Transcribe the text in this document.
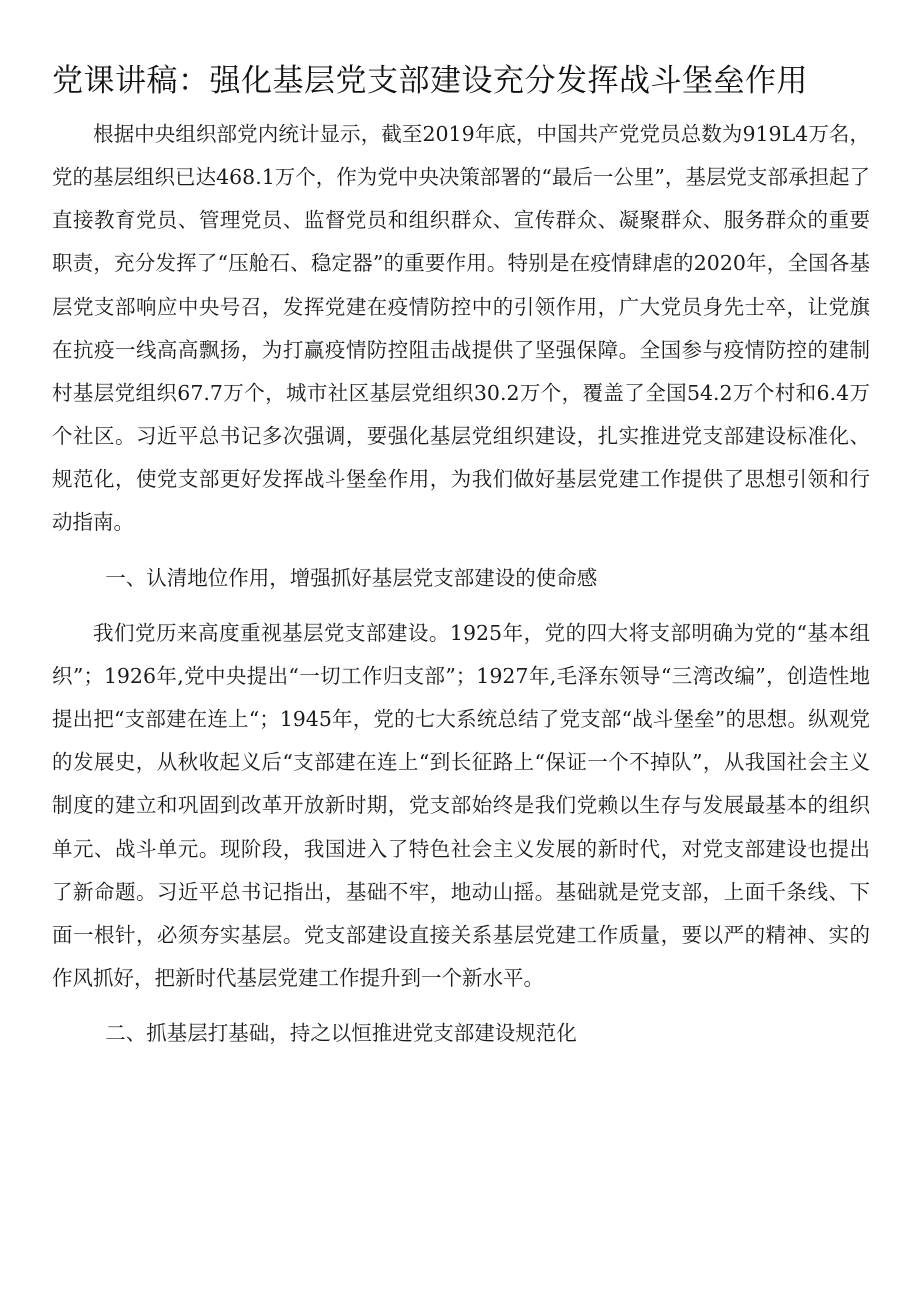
党课讲稿：强化基层党支部建设充分发挥战斗堡垒作用

根据中央组织部党内统计显示，截至2019年底，中国共产党党员总数为919L4万名，党的基层组织已达468.1万个，作为党中央决策部署的“最后一公里”，基层党支部承担起了直接教育党员、管理党员、监督党员和组织群众、宣传群众、凝聚群众、服务群众的重要职责，充分发挥了“压舱石、稳定器”的重要作用。特别是在疫情肆虐的2020年，全国各基层党支部响应中央号召，发挥党建在疫情防控中的引领作用，广大党员身先士卒，让党旗在抗疫一线高高飘扬，为打赢疫情防控阻击战提供了坚强保障。全国参与疫情防控的建制村基层党组织67.7万个，城市社区基层党组织30.2万个，覆盖了全国54.2万个村和6.4万个社区。习近平总书记多次强调，要强化基层党组织建设，扎实推进党支部建设标准化、规范化，使党支部更好发挥战斗堡垒作用，为我们做好基层党建工作提供了思想引领和行动指南。

一、认清地位作用，增强抓好基层党支部建设的使命感

我们党历来高度重视基层党支部建设。1925年，党的四大将支部明确为党的“基本组织”；1926年,党中央提出“一切工作归支部”；1927年,毛泽东领导“三湾改编”，创造性地提出把“支部建在连上“；1945年，党的七大系统总结了党支部“战斗堡垒”的思想。纵观党的发展史，从秋收起义后“支部建在连上“到长征路上“保证一个不掉队”，从我国社会主义制度的建立和巩固到改革开放新时期，党支部始终是我们党赖以生存与发展最基本的组织单元、战斗单元。现阶段，我国进入了特色社会主义发展的新时代，对党支部建设也提出了新命题。习近平总书记指出，基础不牢，地动山摇。基础就是党支部，上面千条线、下面一根针，必须夯实基层。党支部建设直接关系基层党建工作质量，要以严的精神、实的作风抓好，把新时代基层党建工作提升到一个新水平。

二、抓基层打基础，持之以恒推进党支部建设规范化
